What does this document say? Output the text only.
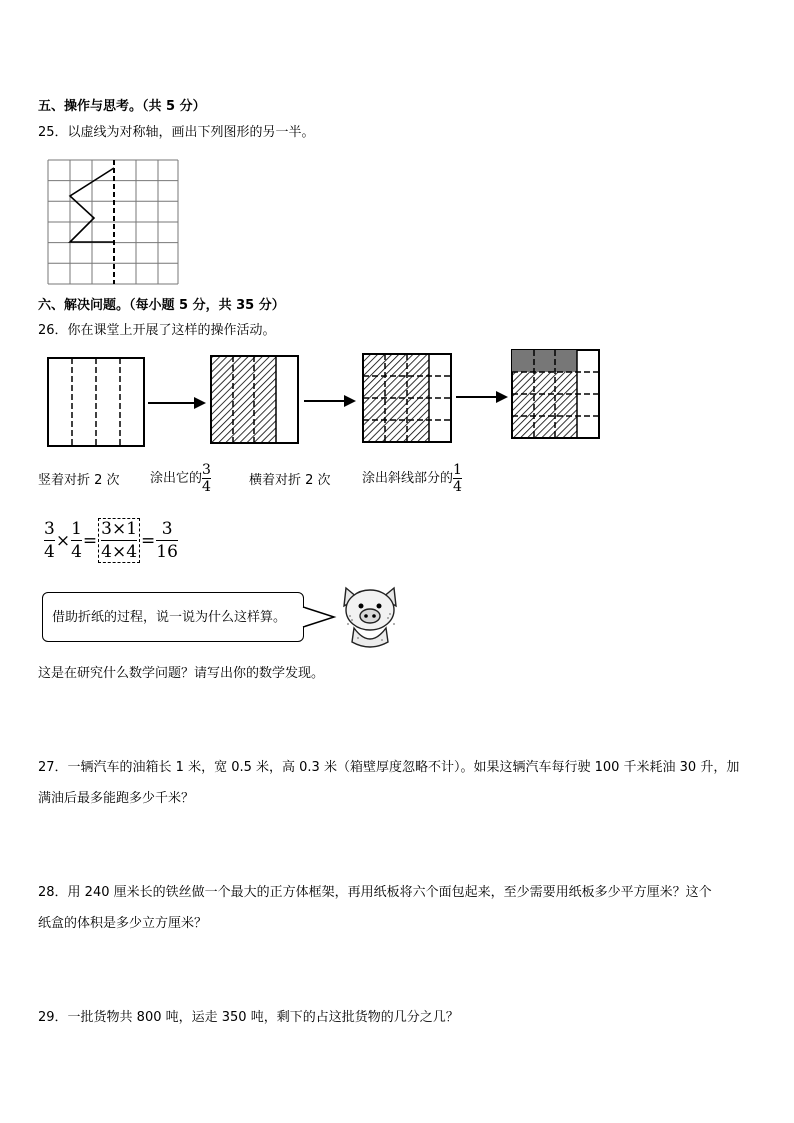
五、操作与思考。（共 5 分）
25．以虚线为对称轴，画出下列图形的另一半。
六、解决问题。（每小题 5 分，共 35 分）
26．你在课堂上开展了这样的操作活动。
竖着对折 2 次 涂出它的 $\frac{3}{4}$	横着对折 2 次 涂出斜线部分的 $\frac{1}{4}$
3
4
×
1
4
=
3×1
4×4
=
3
16
借助折纸的过程，说一说为什么这样算。
这是在研究什么数学问题？请写出你的数学发现。
27．一辆汽车的油箱长 1 米，宽 0.5 米，高 0.3 米（箱壁厚度忽略不计）。如果这辆汽车每行驶 100 千米耗油 30 升，加
满油后最多能跑多少千米？
28．用 240 厘米长的铁丝做一个最大的正方体框架，再用纸板将六个面包起来，至少需要用纸板多少平方厘米？这个
纸盒的体积是多少立方厘米？
29．一批货物共 800 吨，运走 350 吨，剩下的占这批货物的几分之几？
